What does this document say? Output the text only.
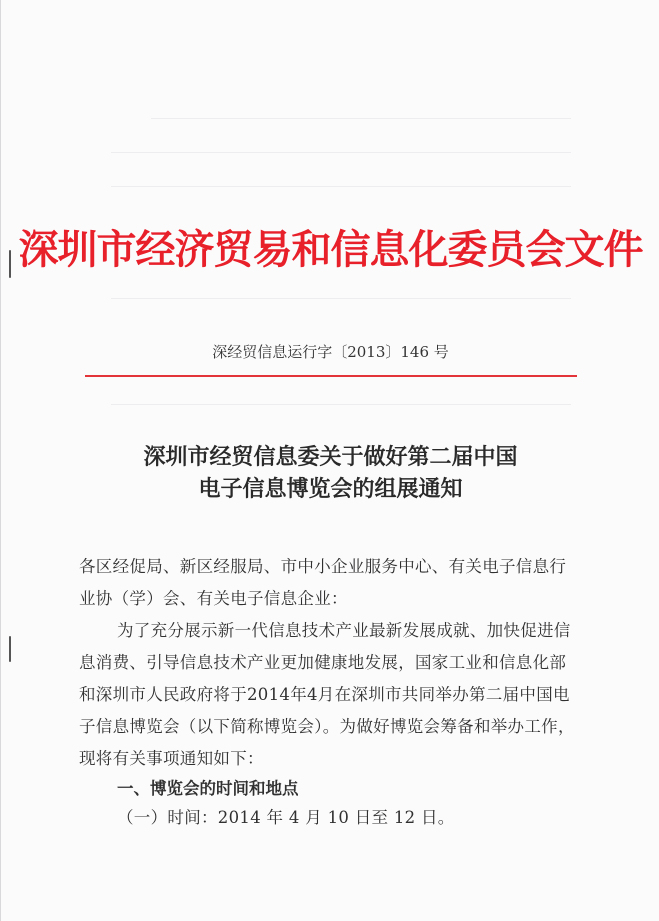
深圳市经济贸易和信息化委员会文件
深经贸信息运行字〔2013〕146 号
深圳市经贸信息委关于做好第二届中国
电子信息博览会的组展通知
各区经促局、新区经服局、市中小企业服务中心、有关电子信息行
业协（学）会、有关电子信息企业：
为了充分展示新一代信息技术产业最新发展成就、加快促进信
息消费、引导信息技术产业更加健康地发展，国家工业和信息化部
和深圳市人民政府将于2014年4月在深圳市共同举办第二届中国电
子信息博览会（以下简称博览会）。为做好博览会筹备和举办工作，
现将有关事项通知如下：
一、博览会的时间和地点
（一）时间：2014 年 4 月 10 日至 12 日。
